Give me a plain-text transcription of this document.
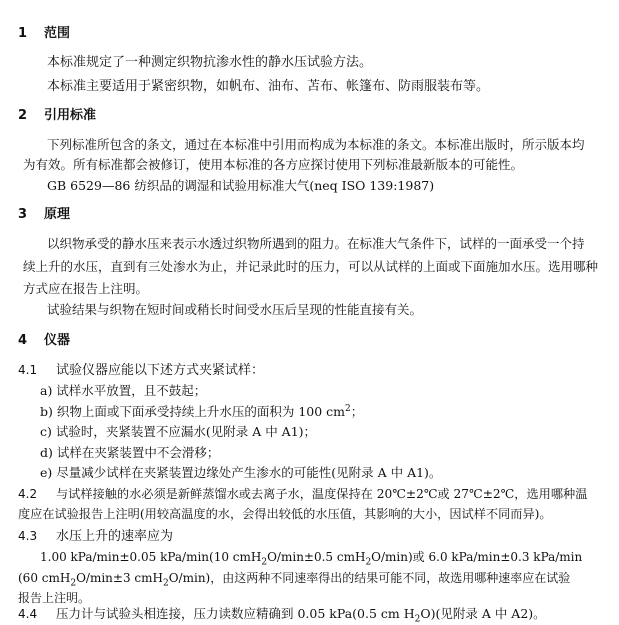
1 范围
本标准规定了一种测定织物抗渗水性的静水压试验方法。
本标准主要适用于紧密织物，如帆布、油布、苫布、帐篷布、防雨服装布等。
2 引用标准
下列标准所包含的条文，通过在本标准中引用而构成为本标准的条文。本标准出版时，所示版本均
为有效。所有标准都会被修订，使用本标准的各方应探讨使用下列标准最新版本的可能性。
GB 6529—86 纺织品的调湿和试验用标准大气(neq ISO 139:1987)
3 原理
以织物承受的静水压来表示水透过织物所遇到的阻力。在标准大气条件下，试样的一面承受一个持
续上升的水压，直到有三处渗水为止，并记录此时的压力，可以从试样的上面或下面施加水压。选用哪种
方式应在报告上注明。
试验结果与织物在短时间或稍长时间受水压后呈现的性能直接有关。
4 仪器
4.1 试验仪器应能以下述方式夹紧试样：
a) 试样水平放置，且不鼓起；
b) 织物上面或下面承受持续上升水压的面积为 100 $cm^2$；
c) 试验时，夹紧装置不应漏水(见附录 A 中 A1)；
d) 试样在夹紧装置中不会滑移；
e) 尽量减少试样在夹紧装置边缘处产生渗水的可能性(见附录 A 中 A1)。
4.2 与试样接触的水必须是新鲜蒸馏水或去离子水，温度保持在 20℃±2℃或 27℃±2℃，选用哪种温
度应在试验报告上注明(用较高温度的水，会得出较低的水压值，其影响的大小，因试样不同而异)。
4.3 水压上升的速率应为
1.00 kPa/min±0.05 kPa/min(10 cmH$_2$O/min±0.5 cmH$_2$O/min)或 6.0 kPa/min±0.3 kPa/min
(60 cmH$_2$O/min±3 cmH$_2$O/min)，由这两种不同速率得出的结果可能不同，故选用哪种速率应在试验
报告上注明。
4.4 压力计与试验头相连接，压力读数应精确到 0.05 kPa(0.5 cm $H_2O$)(见附录 A 中 A2)。
